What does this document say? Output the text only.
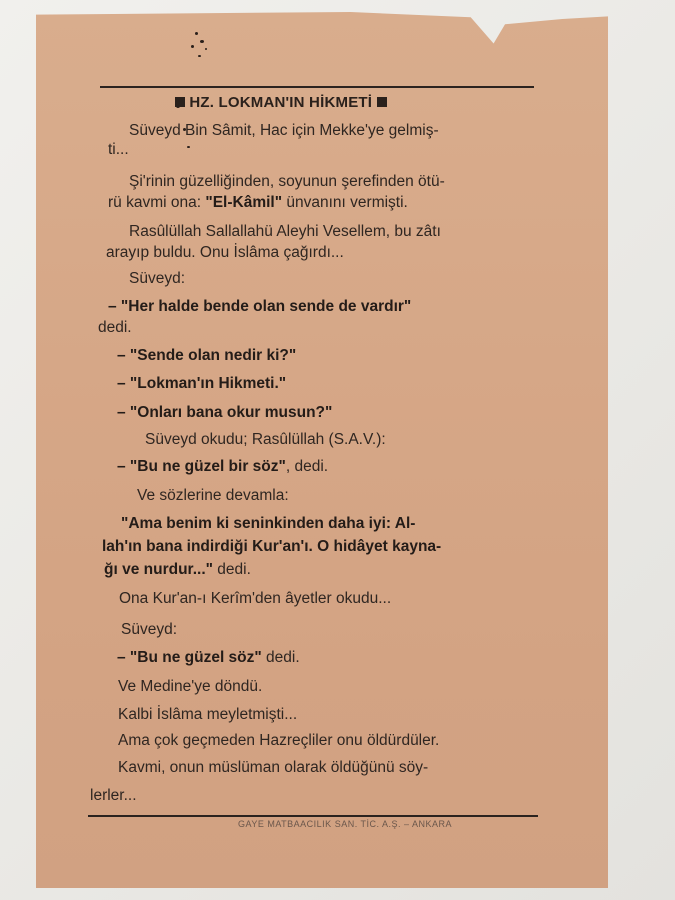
HZ. LOKMAN'IN HİKMETİ
Süveyd Bin Sâmit, Hac için Mekke'ye gelmiş-
ti...
Şi'rinin güzelliğinden, soyunun şerefinden ötü-
rü kavmi ona: "El-Kâmil" ünvanını vermişti.
Rasûlüllah Sallallahü Aleyhi Vesellem, bu zâtı
arayıp buldu. Onu İslâma çağırdı...
Süveyd:
– "Her halde bende olan sende de vardır"
dedi.
– "Sende olan nedir ki?"
– "Lokman'ın Hikmeti."
– "Onları bana okur musun?"
Süveyd okudu; Rasûlüllah (S.A.V.):
– "Bu ne güzel bir söz", dedi.
Ve sözlerine devamla:
"Ama benim ki seninkinden daha iyi: Al-
lah'ın bana indirdiği Kur'an'ı. O hidâyet kayna-
ğı ve nurdur..." dedi.
Ona Kur'an-ı Kerîm'den âyetler okudu...
Süveyd:
– "Bu ne güzel söz" dedi.
Ve Medine'ye döndü.
Kalbi İslâma meyletmişti...
Ama çok geçmeden Hazreçliler onu öldürdüler.
Kavmi, onun müslüman olarak öldüğünü söy-
lerler...
GAYE MATBAACILIK SAN. TİC. A.Ş. – ANKARA
